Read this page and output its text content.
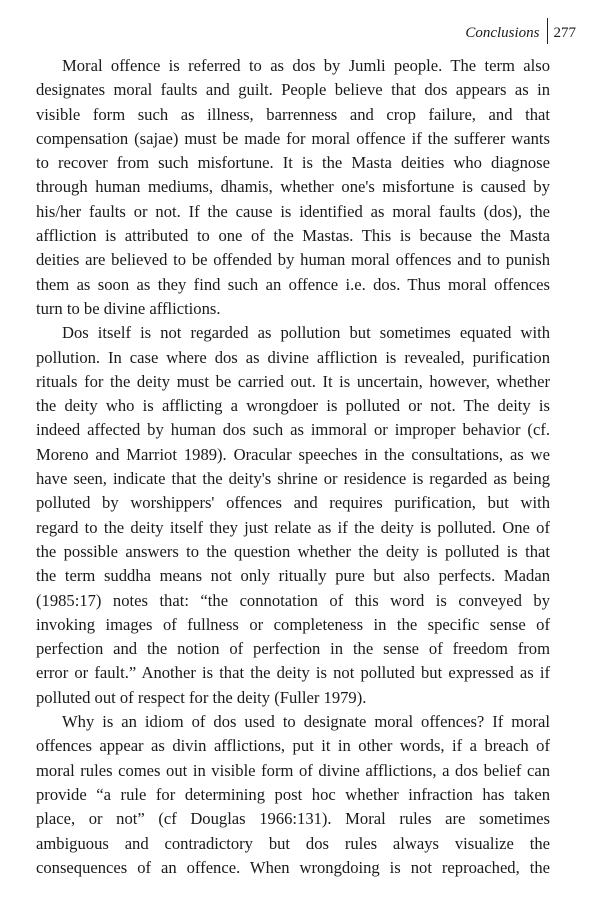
Conclusions 277
Moral offence is referred to as dos by Jumli people. The term also
designates moral faults and guilt. People believe that dos appears as in
visible form such as illness, barrenness and crop failure, and that
compensation (sajae) must be made for moral offence if the sufferer wants
to recover from such misfortune. It is the Masta deities who diagnose
through human mediums, dhamis, whether one's misfortune is caused by
his/her faults or not. If the cause is identified as moral faults (dos), the
affliction is attributed to one of the Mastas. This is because the Masta
deities are believed to be offended by human moral offences and to punish
them as soon as they find such an offence i.e. dos. Thus moral offences
turn to be divine afflictions.
Dos itself is not regarded as pollution but sometimes equated with
pollution. In case where dos as divine affliction is revealed, purification
rituals for the deity must be carried out. It is uncertain, however, whether
the deity who is afflicting a wrongdoer is polluted or not. The deity is
indeed affected by human dos such as immoral or improper behavior (cf.
Moreno and Marriot 1989). Oracular speeches in the consultations, as we
have seen, indicate that the deity's shrine or residence is regarded as being
polluted by worshippers' offences and requires purification, but with
regard to the deity itself they just relate as if the deity is polluted. One of
the possible answers to the question whether the deity is polluted is that
the term suddha means not only ritually pure but also perfects. Madan
(1985:17) notes that: “the connotation of this word is conveyed by
invoking images of fullness or completeness in the specific sense of
perfection and the notion of perfection in the sense of freedom from
error or fault.” Another is that the deity is not polluted but expressed as if
polluted out of respect for the deity (Fuller 1979).
Why is an idiom of dos used to designate moral offences? If moral
offences appear as divin afflictions, put it in other words, if a breach of
moral rules comes out in visible form of divine afflictions, a dos belief can
provide “a rule for determining post hoc whether infraction has taken
place, or not” (cf Douglas 1966:131). Moral rules are sometimes
ambiguous and contradictory but dos rules always visualize the
consequences of an offence. When wrongdoing is not reproached, the
